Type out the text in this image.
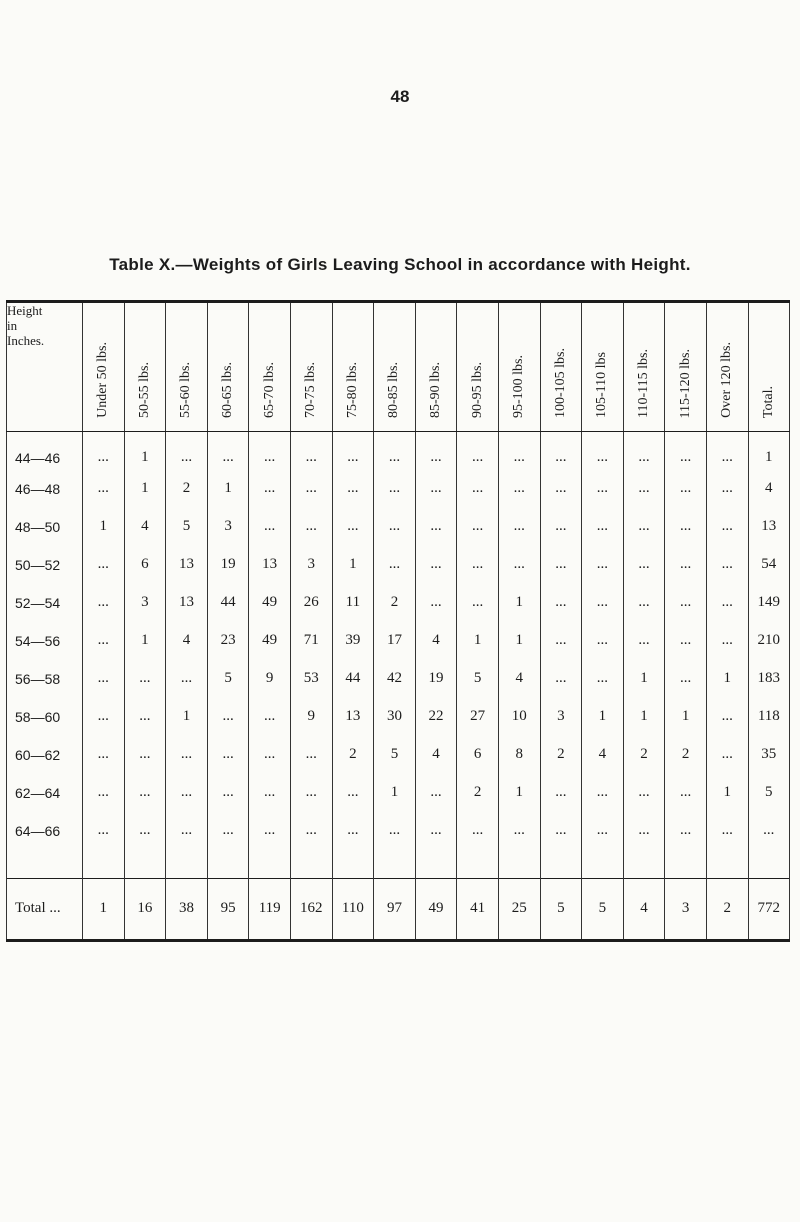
48
Table X.—Weights of Girls Leaving School in accordance with Height.
Height
in
Inches.	Under 50 lbs.	50-55 lbs.	55-60 lbs.	60-65 lbs.	65-70 lbs.	70-75 lbs.	75-80 lbs.	80-85 lbs.	85-90 lbs.	90-95 lbs.	95-100 lbs.	100-105 lbs.	105-110 lbs	110-115 lbs.	115-120 lbs.	Over 120 lbs.	Total.
44—46	...	1	...	...	...	...	...	...	...	...	...	...	...	...	...	...	1
46—48	...	1	2	1	...	...	...	...	...	...	...	...	...	...	...	...	4
48—50	1	4	5	3	...	...	...	...	...	...	...	...	...	...	...	...	13
50—52	...	6	13	19	13	3	1	...	...	...	...	...	...	...	...	...	54
52—54	...	3	13	44	49	26	11	2	...	...	1	...	...	...	...	...	149
54—56	...	1	4	23	49	71	39	17	4	1	1	...	...	...	...	...	210
56—58	...	...	...	5	9	53	44	42	19	5	4	...	...	1	...	1	183
58—60	...	...	1	...	...	9	13	30	22	27	10	3	1	1	1	...	118
60—62	...	...	...	...	...	...	2	5	4	6	8	2	4	2	2	...	35
62—64	...	...	...	...	...	...	...	1	...	2	1	...	...	...	...	1	5
64—66	...	...	...	...	...	...	...	...	...	...	...	...	...	...	...	...	...

Total ...	1	16	38	95	119	162	110	97	49	41	25	5	5	4	3	2	772
